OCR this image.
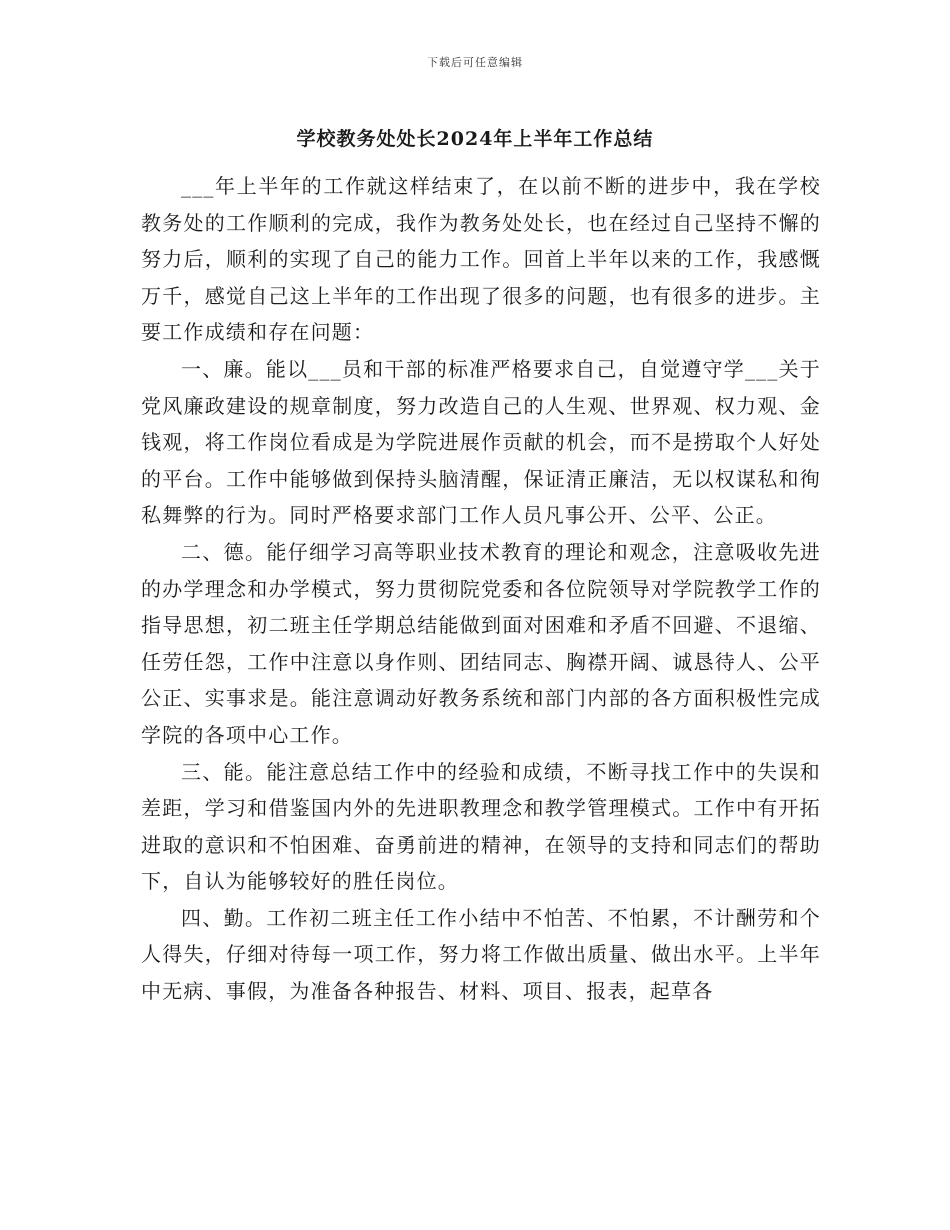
下载后可任意编辑
学校教务处处长2024年上半年工作总结

___年上半年的工作就这样结束了，在以前不断的进步中，我在学校教务处的工作顺利的完成，我作为教务处处长，也在经过自己坚持不懈的努力后，顺利的实现了自己的能力工作。回首上半年以来的工作，我感慨万千，感觉自己这上半年的工作出现了很多的问题，也有很多的进步。主要工作成绩和存在问题：

一、廉。能以___员和干部的标准严格要求自己，自觉遵守学___关于党风廉政建设的规章制度，努力改造自己的人生观、世界观、权力观、金钱观，将工作岗位看成是为学院进展作贡献的机会，而不是捞取个人好处的平台。工作中能够做到保持头脑清醒，保证清正廉洁，无以权谋私和徇私舞弊的行为。同时严格要求部门工作人员凡事公开、公平、公正。

二、德。能仔细学习高等职业技术教育的理论和观念，注意吸收先进的办学理念和办学模式，努力贯彻院党委和各位院领导对学院教学工作的指导思想，初二班主任学期总结能做到面对困难和矛盾不回避、不退缩、任劳任怨，工作中注意以身作则、团结同志、胸襟开阔、诚恳待人、公平公正、实事求是。能注意调动好教务系统和部门内部的各方面积极性完成学院的各项中心工作。

三、能。能注意总结工作中的经验和成绩，不断寻找工作中的失误和差距，学习和借鉴国内外的先进职教理念和教学管理模式。工作中有开拓进取的意识和不怕困难、奋勇前进的精神，在领导的支持和同志们的帮助下，自认为能够较好的胜任岗位。

四、勤。工作初二班主任工作小结中不怕苦、不怕累，不计酬劳和个人得失，仔细对待每一项工作，努力将工作做出质量、做出水平。上半年中无病、事假，为准备各种报告、材料、项目、报表，起草各
